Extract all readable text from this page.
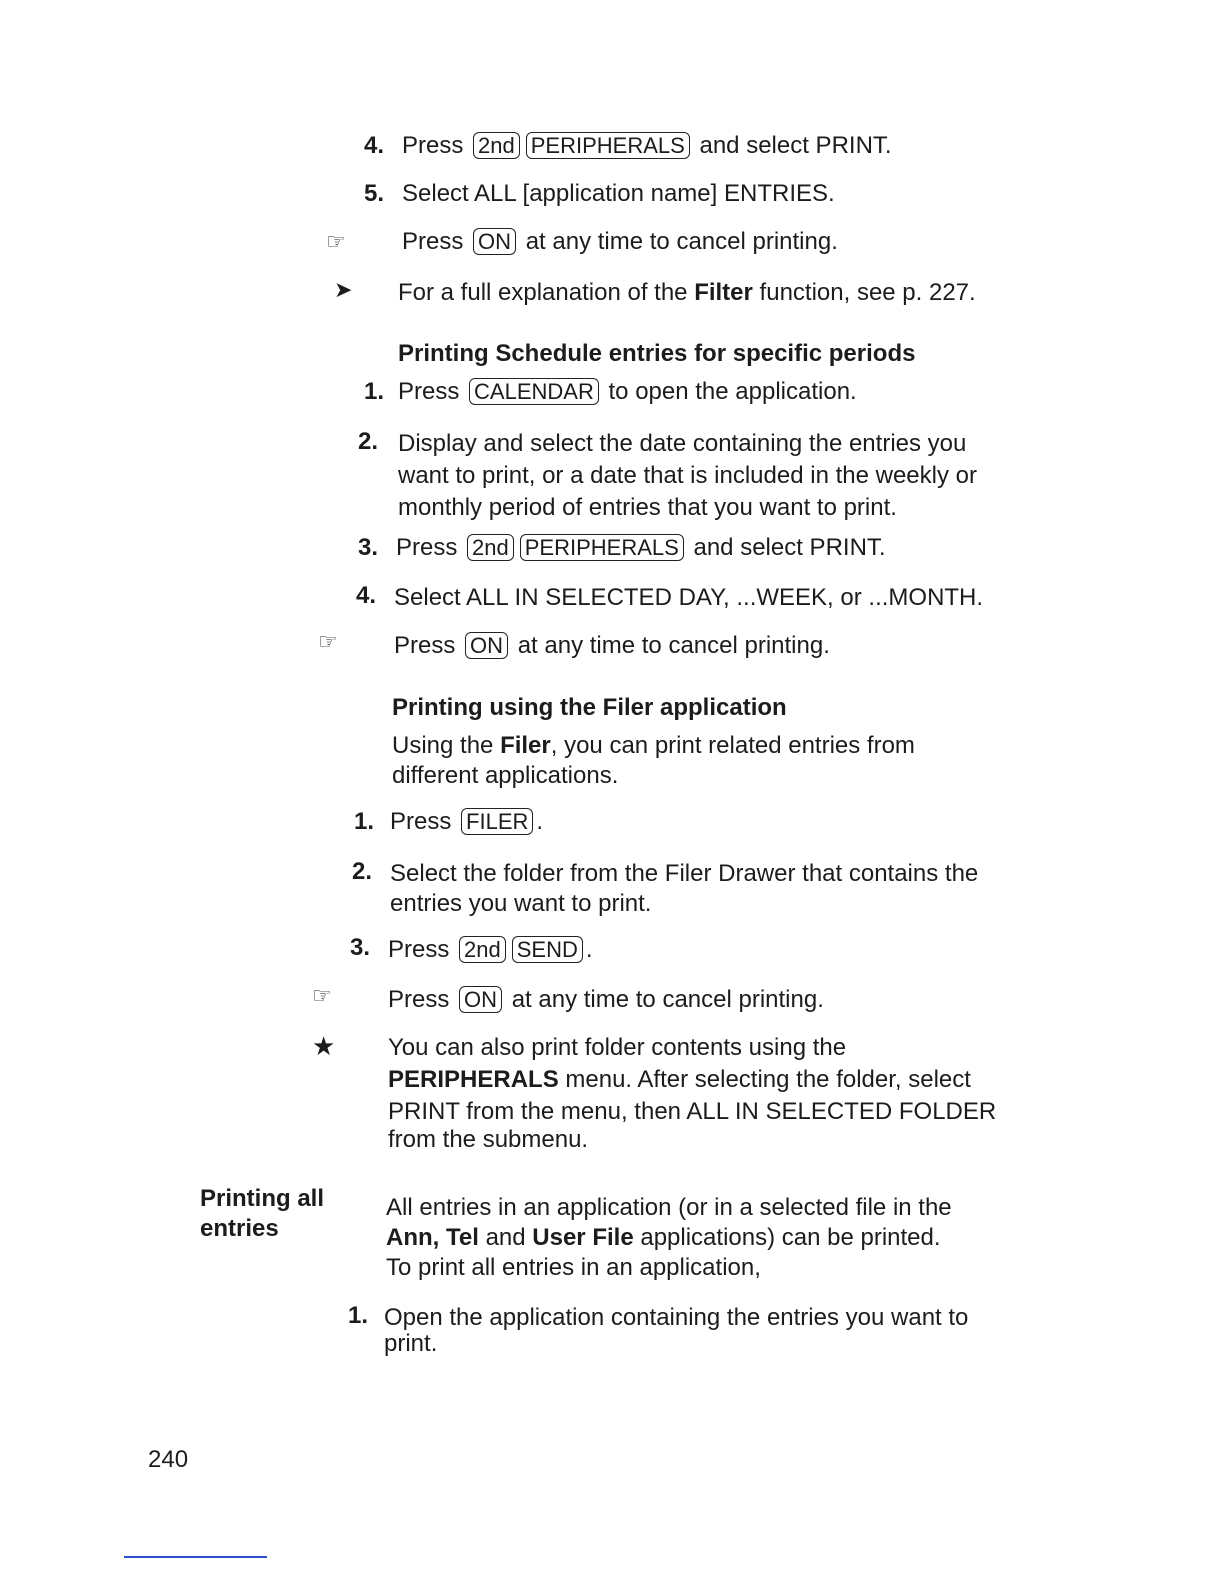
4. Press 2nd PERIPHERALS and select PRINT.
5. Select ALL [application name] ENTRIES.
☞ Press ON at any time to cancel printing.
➤ For a full explanation of the Filter function, see p. 227.
Printing Schedule entries for specific periods
1. Press CALENDAR to open the application.
2. Display and select the date containing the entries you
want to print, or a date that is included in the weekly or
monthly period of entries that you want to print.
3. Press 2nd PERIPHERALS and select PRINT.
4. Select ALL IN SELECTED DAY, ...WEEK, or ...MONTH.
☞ Press ON at any time to cancel printing.
Printing using the Filer application
Using the Filer, you can print related entries from
different applications.
1. Press FILER .
2. Select the folder from the Filer Drawer that contains the
entries you want to print.
3. Press 2nd SEND .
☞ Press ON at any time to cancel printing.
★ You can also print folder contents using the
PERIPHERALS menu. After selecting the folder, select
PRINT from the menu, then ALL IN SELECTED FOLDER
from the submenu.
Printing all
entries
All entries in an application (or in a selected file in the
Ann, Tel and User File applications) can be printed.
To print all entries in an application,
1. Open the application containing the entries you want to
print.
240
